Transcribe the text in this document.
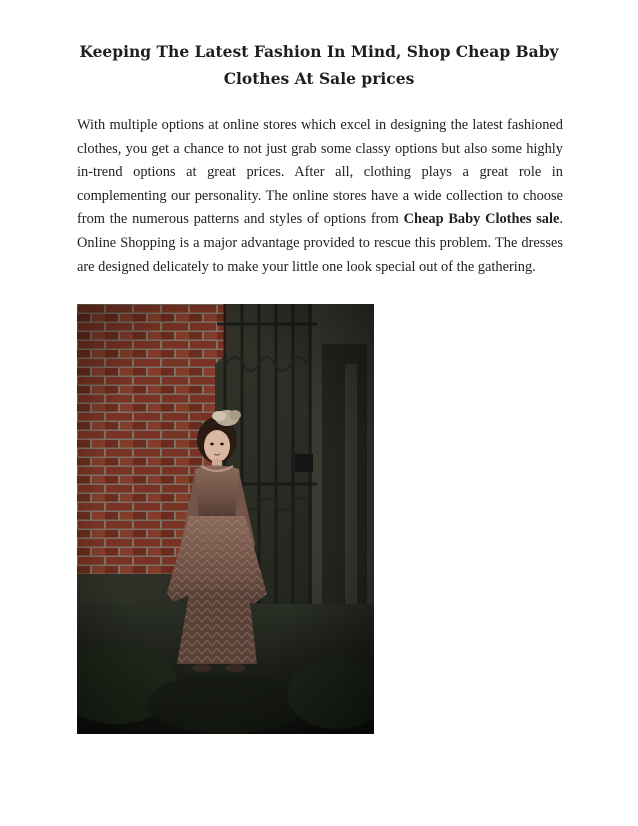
Keeping The Latest Fashion In Mind, Shop Cheap Baby Clothes At Sale prices

With multiple options at online stores which excel in designing the latest fashioned clothes, you get a chance to not just grab some classy options but also some highly in-trend options at great prices. After all, clothing plays a great role in complementing our personality. The online stores have a wide collection to choose from the numerous patterns and styles of options from Cheap Baby Clothes sale. Online Shopping is a major advantage provided to rescue this problem. The dresses are designed delicately to make your little one look special out of the gathering.
